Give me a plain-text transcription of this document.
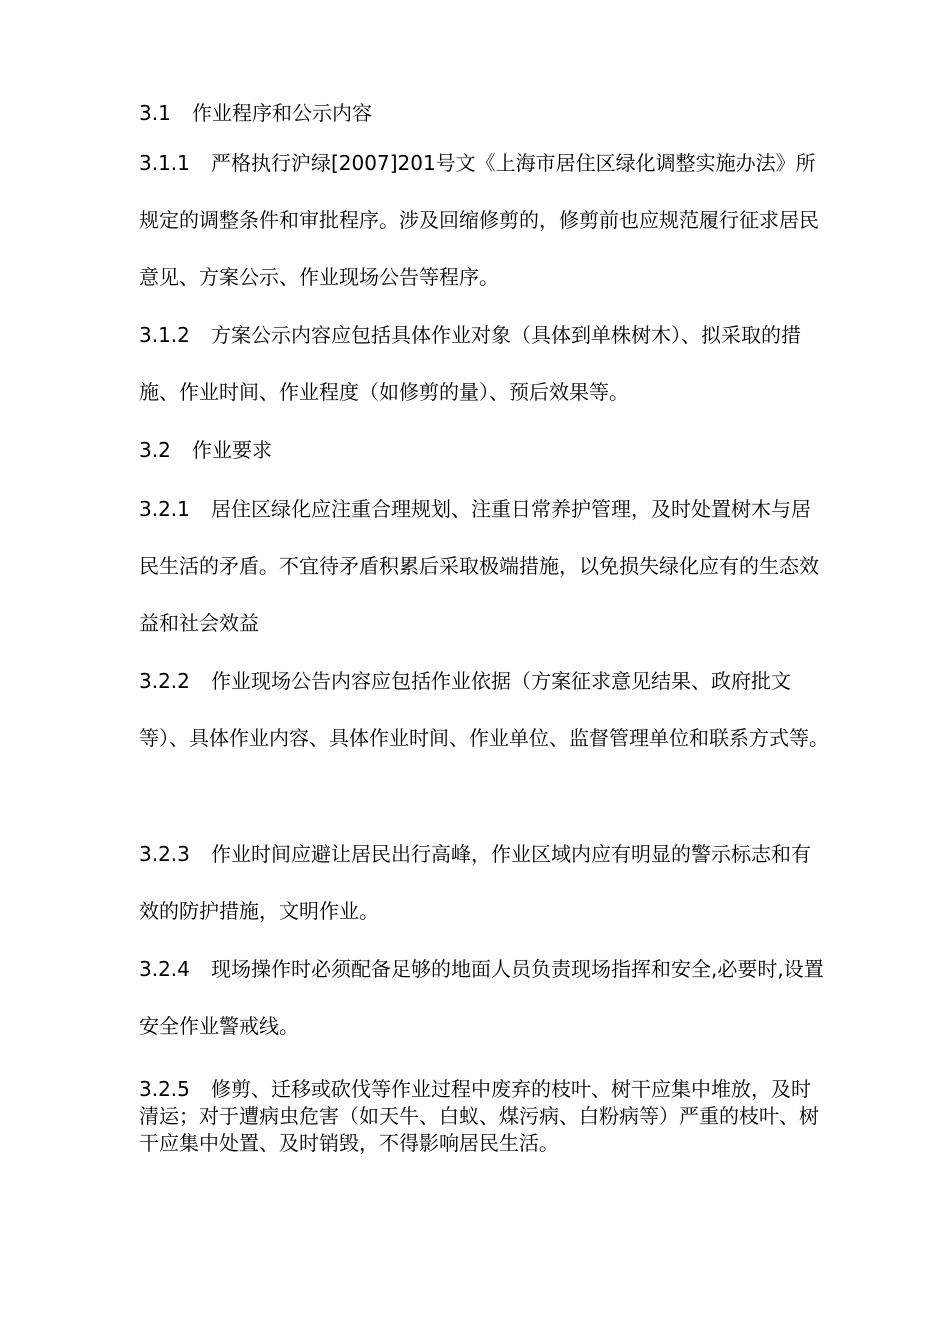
3.1 作业程序和公示内容

3.1.1 严格执行沪绿[2007]201号文《上海市居住区绿化调整实施办法》所规定的调整条件和审批程序。涉及回缩修剪的，修剪前也应规范履行征求居民意见、方案公示、作业现场公告等程序。

3.1.2 方案公示内容应包括具体作业对象（具体到单株树木）、拟采取的措施、作业时间、作业程度（如修剪的量）、预后效果等。

3.2 作业要求

3.2.1 居住区绿化应注重合理规划、注重日常养护管理，及时处置树木与居民生活的矛盾。不宜待矛盾积累后采取极端措施，以免损失绿化应有的生态效益和社会效益

3.2.2 作业现场公告内容应包括作业依据（方案征求意见结果、政府批文等）、具体作业内容、具体作业时间、作业单位、监督管理单位和联系方式等。

3.2.3 作业时间应避让居民出行高峰，作业区域内应有明显的警示标志和有效的防护措施，文明作业。

3.2.4 现场操作时必须配备足够的地面人员负责现场指挥和安全,必要时,设置安全作业警戒线。

3.2.5 修剪、迁移或砍伐等作业过程中废弃的枝叶、树干应集中堆放，及时清运；对于遭病虫危害（如天牛、白蚁、煤污病、白粉病等）严重的枝叶、树干应集中处置、及时销毁，不得影响居民生活。
